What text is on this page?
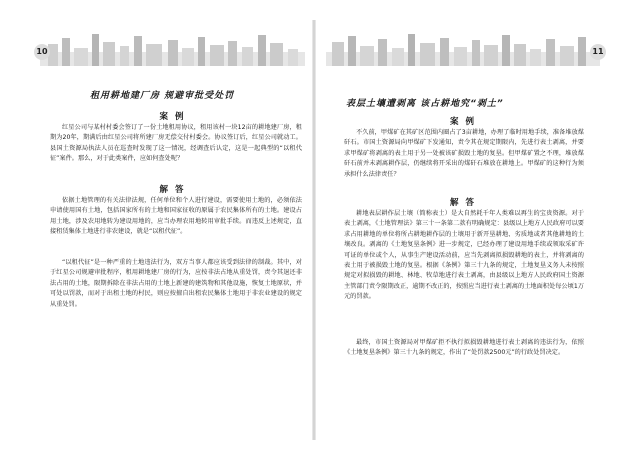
10
租用耕地建厂房 规避审批受处罚
案 例
红星公司与某村村委会签订了一份土地租用协议，租用该村一块12亩的耕地建厂房，租期为20年，期满后由红星公司将所建厂房无偿交付村委会。协议签订后，红星公司就动工。县国土资源局执法人员在巡查时发现了这一情况，经调查后认定，这是一起典型的“以租代征”案件。那么，对于此类案件，应如何查处呢？
解 答
依据土地管理的有关法律法规，任何单位和个人进行建设，需要使用土地的，必须依法申请使用国有土地，包括国家所有的土地和国家征收的原属于农民集体所有的土地。建设占用土地，涉及农用地转为建设用地的，应当办理农用地转用审批手续。而违反上述规定，直接租赁集体土地进行非农建设，就是“以租代征”。
“以租代征”是一种严重的土地违法行为，双方当事人都应该受到法律的制裁。其中，对于红星公司规避审批程序，租用耕地建厂房的行为，应按非法占地从重处罚，责令其退还非法占用的土地，限期拆除在非法占用的土地上新建的建筑物和其他设施，恢复土地原状，并可处以罚款，而对于出租土地的村民，则应按擅自出租农民集体土地用于非农业建设的规定从重处罚。
11
表层土壤遭剥离 该占耕地究“剥土”
案 例
不久前，甲煤矿在其矿区范围内圈占了3亩耕地，办理了临时用地手续，准备堆放煤矸石。市国土资源局向甲煤矿下发通知，责令其在规定期限内，先进行表土剥离，并要求甲煤矿将剥离的表土用于另一处被该矿损毁土地的复垦。但甲煤矿置之不理，堆放煤矸石前并未剥离耕作层，仍继续将开采出的煤矸石堆放在耕地上。甲煤矿的这种行为须承担什么法律责任？
解 答
耕地表层耕作层土壤（简称表土）是大自然耗千年人类难以再生的宝贵资源。对于表土剥离，《土地管理法》第三十一条第二款有明确规定：县级以上地方人民政府可以要求占用耕地的单位将所占耕地耕作层的土壤用于新开垦耕地、劣质地或者其他耕地的土壤改良。剥离的《土地复垦条例》进一步规定，已经办理了建设用地手续或领取采矿许可证的单位或个人，从事生产建设活动前，应当先剥离拟损毁耕地的表土，并将剥离的表土用于被损毁土地的复垦。根据《条例》第三十九条的规定，土地复垦义务人未按照规定对拟损毁的耕地、林地、牧草地进行表土剥离，由县级以上地方人民政府国土资源主管部门责令限期改正，逾期不改正的，按照应当进行表土剥离的土地面积处每公顷1万元的罚款。
最终，市国土资源局对甲煤矿拒不执行拟损毁耕地进行表土剥离的违法行为，依照《土地复垦条例》第三十九条的规定，作出了“处罚款2500元”的行政处罚决定。
